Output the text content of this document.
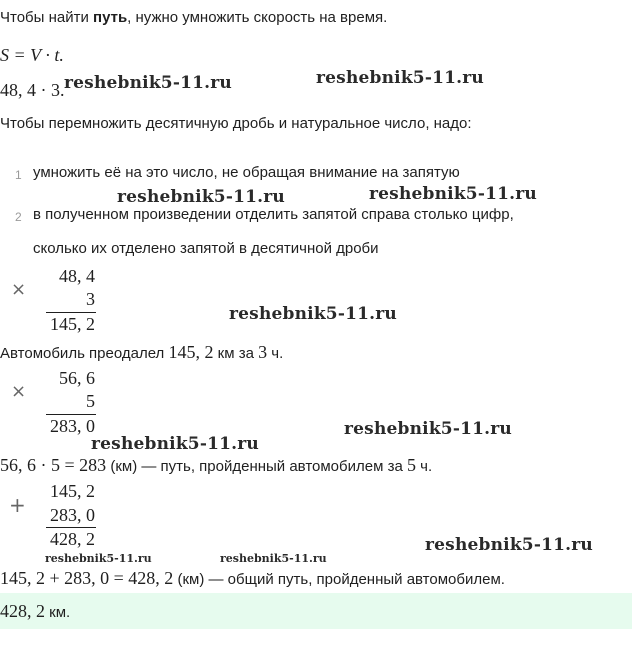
Чтобы найти путь, нужно умножить скорость на время.
S = V · t.
48, 4 · 3. reshebnik5-11.ru	reshebnik5-11.ru
Чтобы перемножить десятичную дробь и натуральное число, надо:
1 умножить её на это число, не обращая внимание на запятую
reshebnik5-11.ru	reshebnik5-11.ru
2 в полученном произведении отделить запятой справа столько цифр,
сколько их отделено запятой в десятичной дроби
×
48, 4
3
145, 2	reshebnik5-11.ru
Автомобиль преодалел 145, 2 км за 3 ч.
×
56, 6
5
283, 0	reshebnik5-11.ru
reshebnik5-11.ru
56, 6 · 5 = 283 (км) — путь, пройденный автомобилем за 5 ч.
+
145, 2
283, 0
428, 2	reshebnik5-11.ru
reshebnik5-11.ru	reshebnik5-11.ru
145, 2 + 283, 0 = 428, 2 (км) — общий путь, пройденный автомобилем.
428, 2 км.
